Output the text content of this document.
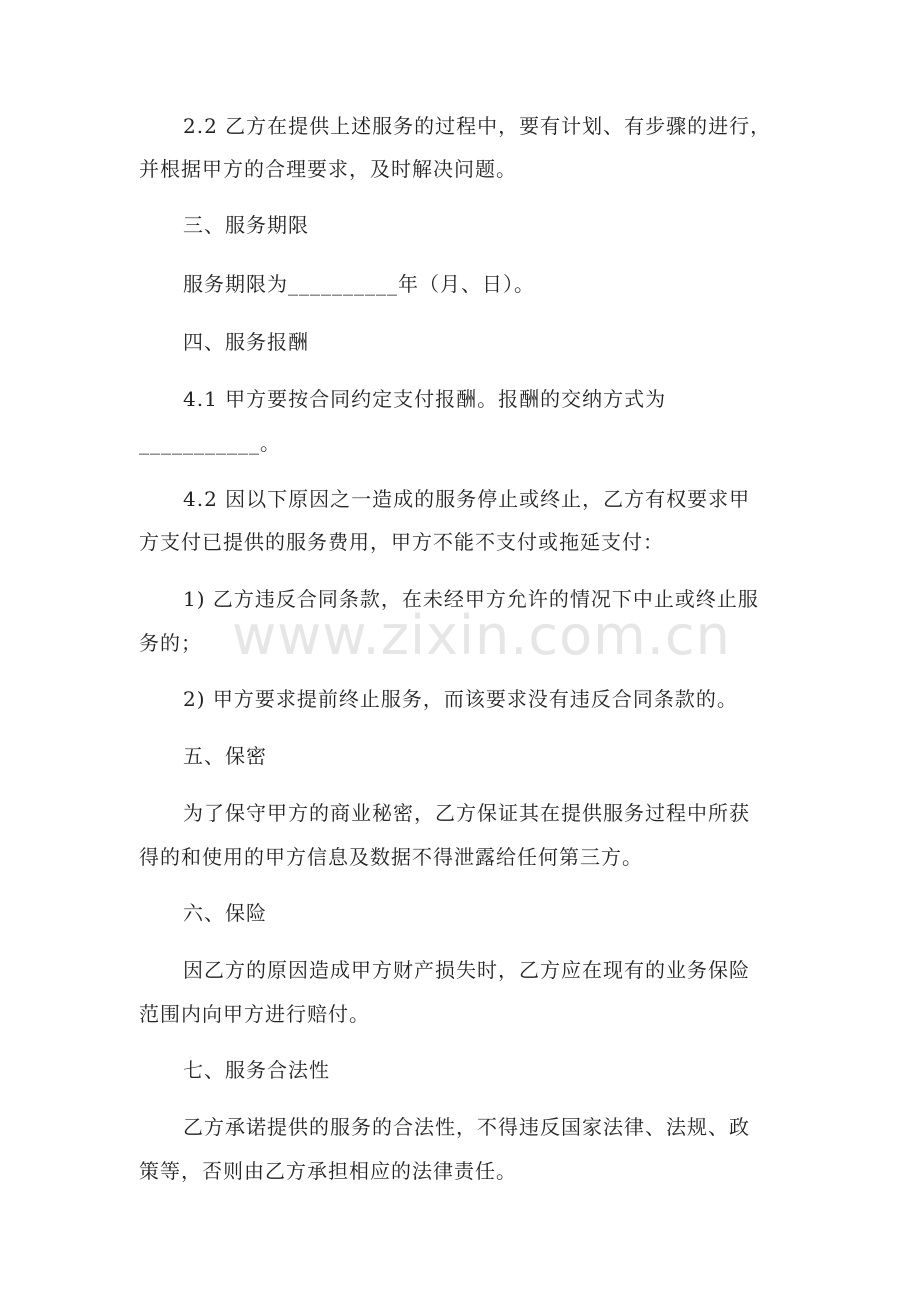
2.2 乙方在提供上述服务的过程中，要有计划、有步骤的进行，
并根据甲方的合理要求，及时解决问题。
三、服务期限
服务期限为__________年（月、日）。
四、服务报酬
4.1 甲方要按合同约定支付报酬。报酬的交纳方式为
___________。
4.2 因以下原因之一造成的服务停止或终止，乙方有权要求甲
方支付已提供的服务费用，甲方不能不支付或拖延支付：
1) 乙方违反合同条款，在未经甲方允许的情况下中止或终止服
务的；
2) 甲方要求提前终止服务，而该要求没有违反合同条款的。
五、保密
为了保守甲方的商业秘密，乙方保证其在提供服务过程中所获
得的和使用的甲方信息及数据不得泄露给任何第三方。
六、保险
因乙方的原因造成甲方财产损失时，乙方应在现有的业务保险
范围内向甲方进行赔付。
七、服务合法性
乙方承诺提供的服务的合法性，不得违反国家法律、法规、政
策等，否则由乙方承担相应的法律责任。
www.zixin.com.cn
